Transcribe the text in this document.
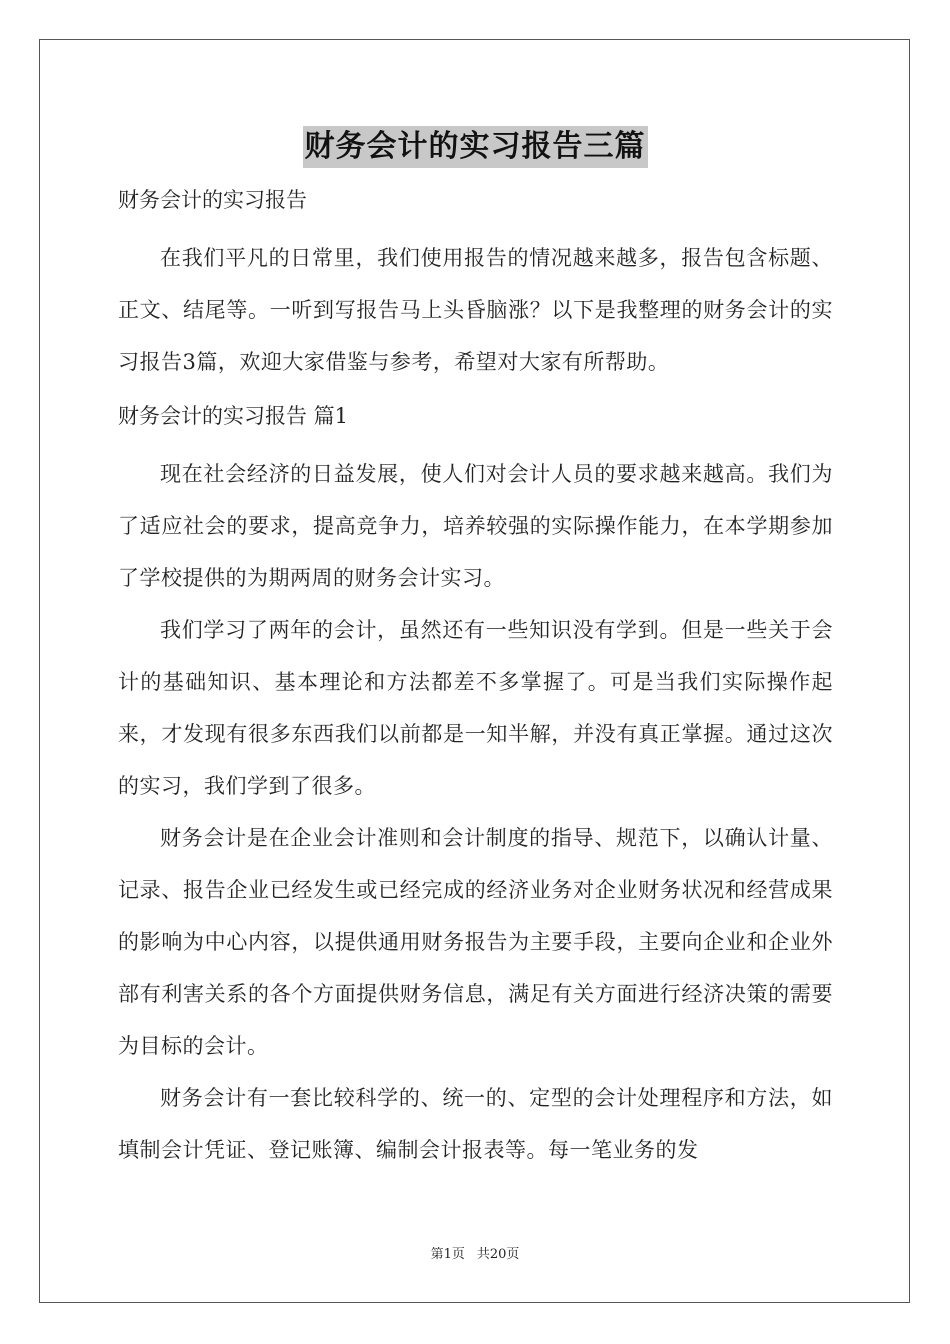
财务会计的实习报告三篇

财务会计的实习报告

在我们平凡的日常里，我们使用报告的情况越来越多，报告包含标题、正文、结尾等。一听到写报告马上头昏脑涨？以下是我整理的财务会计的实习报告3篇，欢迎大家借鉴与参考，希望对大家有所帮助。

财务会计的实习报告 篇1

现在社会经济的日益发展，使人们对会计人员的要求越来越高。我们为了适应社会的要求，提高竞争力，培养较强的实际操作能力，在本学期参加了学校提供的为期两周的财务会计实习。

我们学习了两年的会计，虽然还有一些知识没有学到。但是一些关于会计的基础知识、基本理论和方法都差不多掌握了。可是当我们实际操作起来，才发现有很多东西我们以前都是一知半解，并没有真正掌握。通过这次的实习，我们学到了很多。

财务会计是在企业会计准则和会计制度的指导、规范下，以确认计量、记录、报告企业已经发生或已经完成的经济业务对企业财务状况和经营成果的影响为中心内容，以提供通用财务报告为主要手段，主要向企业和企业外部有利害关系的各个方面提供财务信息，满足有关方面进行经济决策的需要为目标的会计。

财务会计有一套比较科学的、统一的、定型的会计处理程序和方法，如填制会计凭证、登记账簿、编制会计报表等。每一笔业务的发

第1页 共20页
